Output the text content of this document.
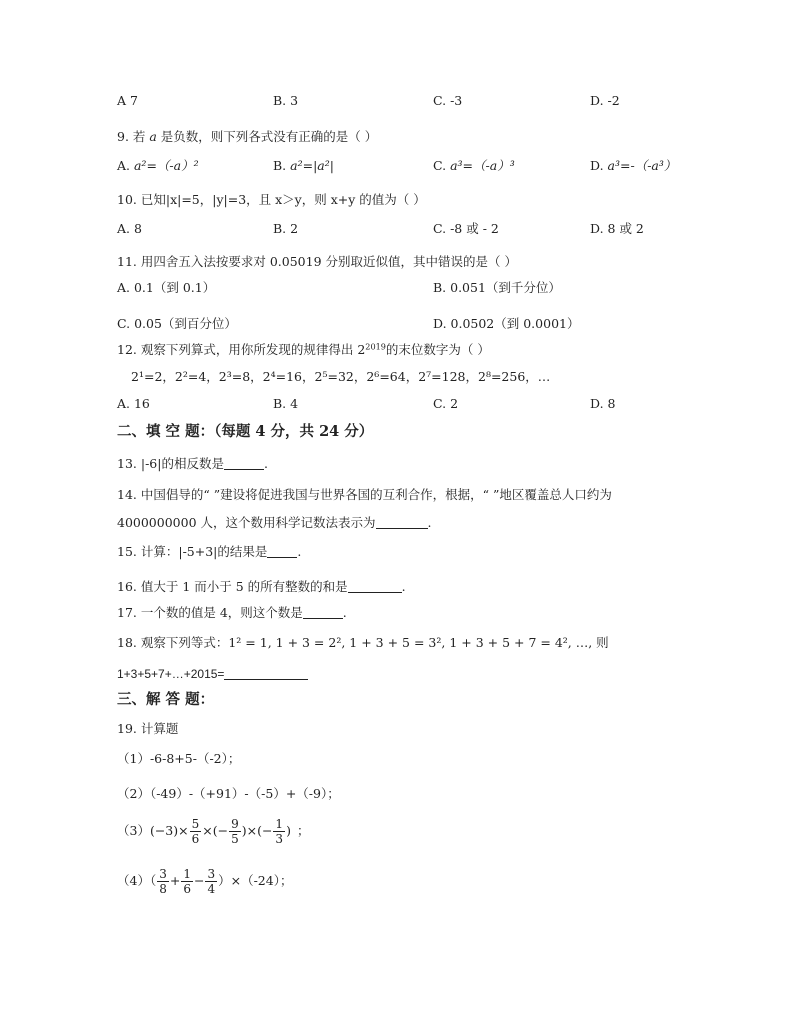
A 7	B. 3	C. -3	D. -2
9. 若 a 是负数，则下列各式没有正确的是（ ）
A. a²=（-a）²	B. a²=|a²|	C. a³=（-a）³	D. a³=-（-a³）
10. 已知|x|=5，|y|=3，且 x＞y，则 x+y 的值为（ ）
A. 8	B. 2	C. -8 或 - 2	D. 8 或 2
11. 用四舍五入法按要求对 0.05019 分别取近似值，其中错误的是（ ）
A. 0.1（到 0.1）	B. 0.051（到千分位）
C. 0.05（到百分位）	D. 0.0502（到 0.0001）
12. 观察下列算式，用你所发现的规律得出 $2^{2019}$的末位数字为（ ）
2¹=2，2²=4，2³=8，2⁴=16，2⁵=32，2⁶=64，2⁷=128，2⁸=256，…
A. 16	B. 4	C. 2	D. 8
二、填 空 题：（每题 4 分，共 24 分）
13. |-6|的相反数是	.
14. 中国倡导的“ ”建设将促进我国与世界各国的互利合作，根据，“ ”地区覆盖总人口约为
4000000000 人，这个数用科学记数法表示为	.
15. 计算：|-5+3|的结果是 .
16. 值大于 1 而小于 5 的所有整数的和是	.
17. 一个数的值是 4，则这个数是	.
18. 观察下列等式：1² = 1, 1 + 3 = 2², 1 + 3 + 5 = 3², 1 + 3 + 5 + 7 = 4², …, 则
1+3+5+7+…+2015=
三、解 答 题：
19. 计算题
（1）-6-8+5-（-2）；
（2）（-49）-（+91）-（-5）+（-9）；
（3） $(-3)\times \frac{5}{6}$ ×(− $\frac{9}{5}$ )×(− $\frac{1}{3}$ ) ；
$(4)( \frac{3}{8} + \frac{1}{6} - \frac{3}{4} )\times(-24)$；
